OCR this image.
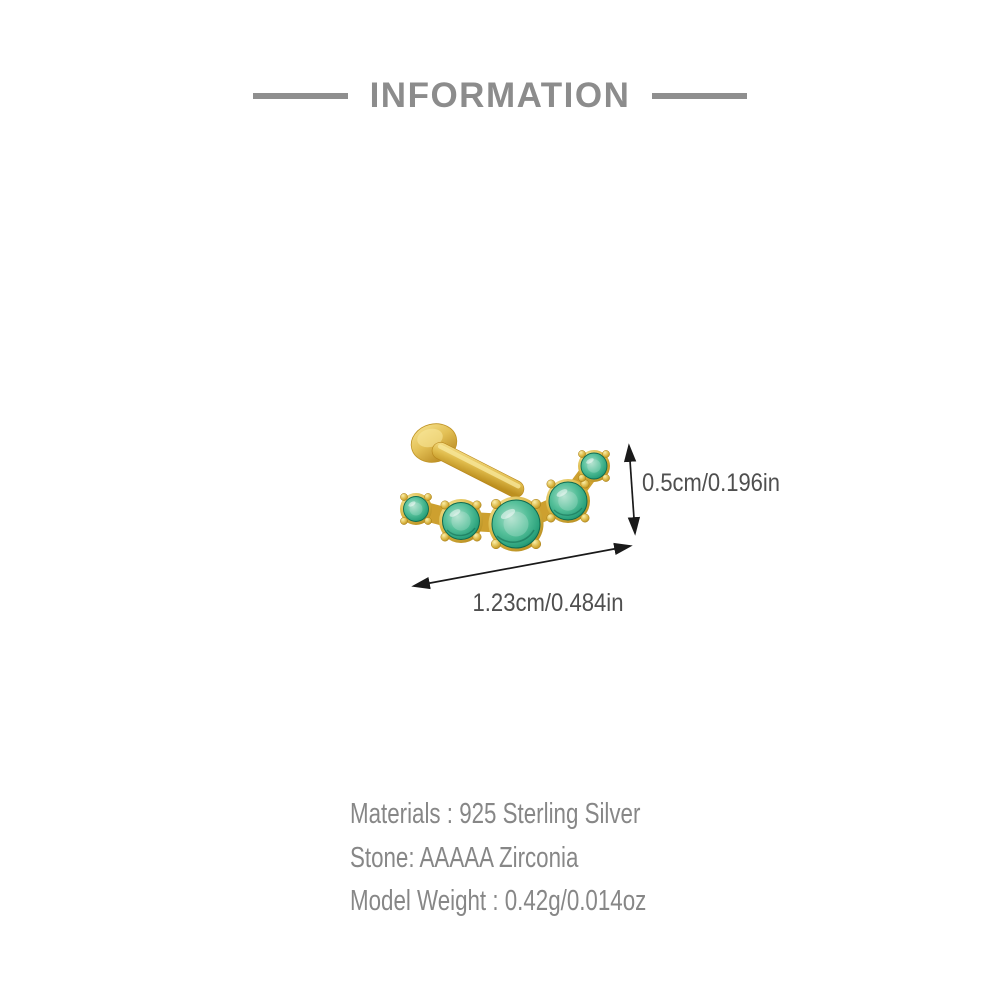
INFORMATION
0.5cm/0.196in
1.23cm/0.484in
Materials : 925 Sterling Silver
Stone: AAAAA Zirconia
Model Weight : 0.42g/0.014oz
